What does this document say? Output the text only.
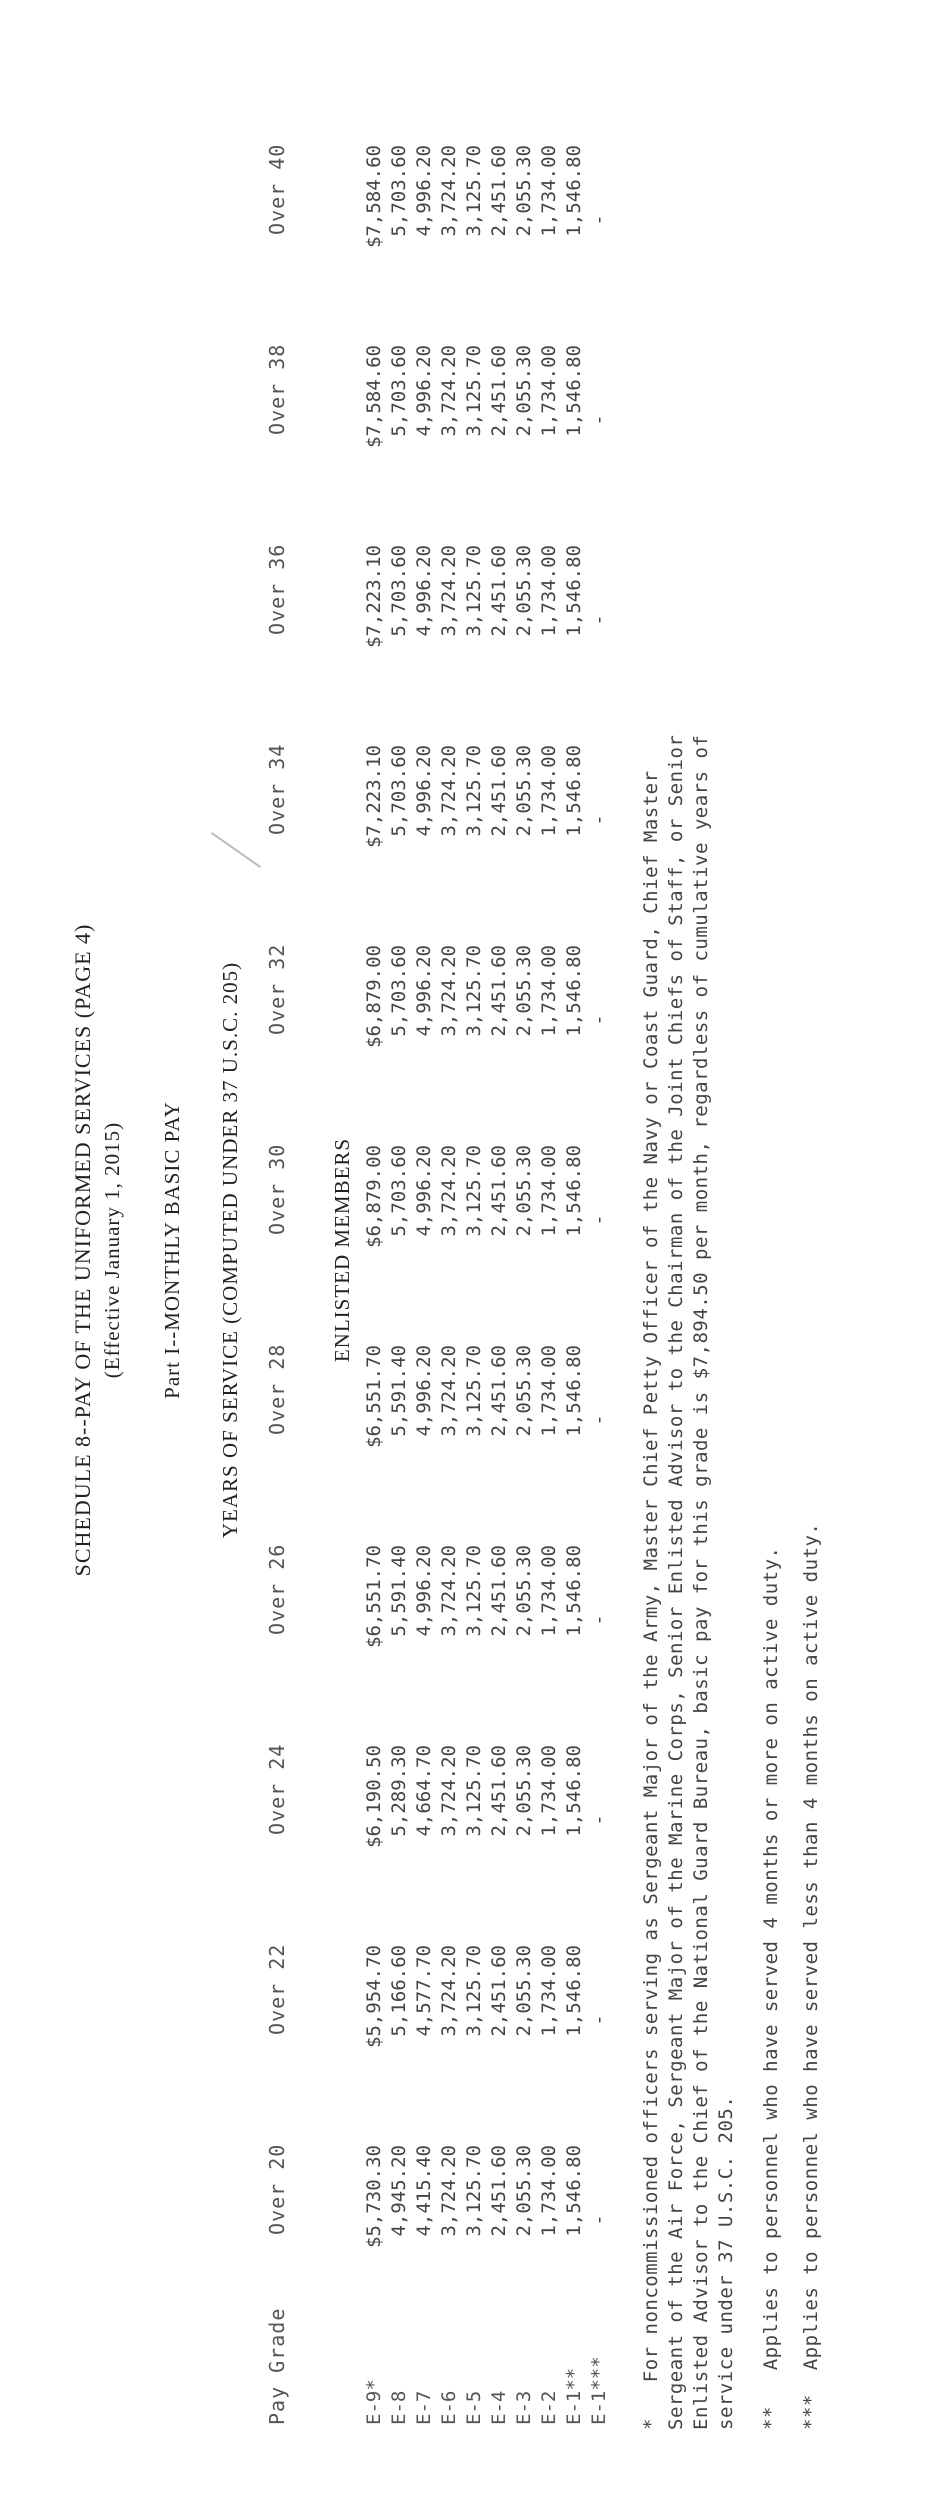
SCHEDULE 8--PAY OF THE UNIFORMED SERVICES (PAGE 4) (Effective January 1, 2015) Part I--MONTHLY BASIC PAY YEARS OF SERVICE (COMPUTED UNDER 37 U.S.C. 205)
Pay Grade
Over 20
Over 22
Over 24
Over 26
Over 28
Over 30
Over 32
Over 34
Over 36
Over 38
Over 40
ENLISTED MEMBERS
E-9*
$5,730.30
$5,954.70
$6,190.50
$6,551.70
$6,551.70
$6,879.00
$6,879.00
$7,223.10
$7,223.10
$7,584.60
$7,584.60
E-8
4,945.20
5,166.60
5,289.30
5,591.40
5,591.40
5,703.60
5,703.60
5,703.60
5,703.60
5,703.60
5,703.60
E-7
4,415.40
4,577.70
4,664.70
4,996.20
4,996.20
4,996.20
4,996.20
4,996.20
4,996.20
4,996.20
4,996.20
E-6
3,724.20
3,724.20
3,724.20
3,724.20
3,724.20
3,724.20
3,724.20
3,724.20
3,724.20
3,724.20
3,724.20
E-5
3,125.70
3,125.70
3,125.70
3,125.70
3,125.70
3,125.70
3,125.70
3,125.70
3,125.70
3,125.70
3,125.70
E-4
2,451.60
2,451.60
2,451.60
2,451.60
2,451.60
2,451.60
2,451.60
2,451.60
2,451.60
2,451.60
2,451.60
E-3
2,055.30
2,055.30
2,055.30
2,055.30
2,055.30
2,055.30
2,055.30
2,055.30
2,055.30
2,055.30
2,055.30
E-2
1,734.00
1,734.00
1,734.00
1,734.00
1,734.00
1,734.00
1,734.00
1,734.00
1,734.00
1,734.00
1,734.00
E-1**
1,546.80
1,546.80
1,546.80
1,546.80
1,546.80
1,546.80
1,546.80
1,546.80
1,546.80
1,546.80
1,546.80
E-1***
-
-
-
-
-
-
-
-
-
-
-
*   For noncommissioned officers serving as Sergeant Major of the Army, Master Chief Petty Officer of the Navy or Coast Guard, Chief Master Sergeant of the Air Force, Sergeant Major of the Marine Corps, Senior Enlisted Advisor to the Chairman of the Joint Chiefs of Staff, or Senior Enlisted Advisor to the Chief of the National Guard Bureau, basic pay for this grade is $7,894.50 per month, regardless of cumulative years of service under 37 U.S.C. 205. **   Applies to personnel who have served 4 months or more on active duty. ***  Applies to personnel who have served less than 4 months on active duty.
